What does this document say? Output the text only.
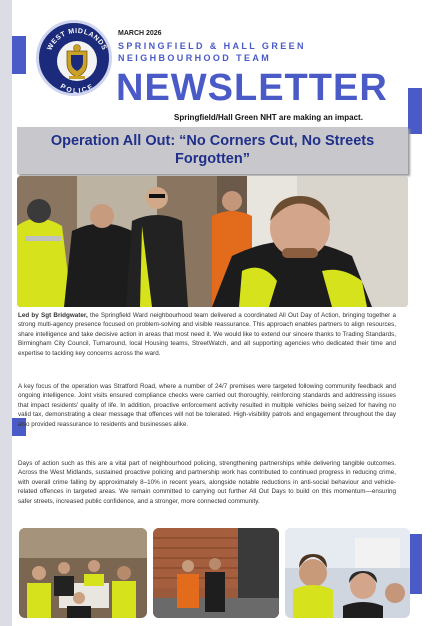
WEST MIDLANDS
POLICE
MARCH 2026
SPRINGFIELD & HALL GREEN
NEIGHBOURHOOD TEAM
NEWSLETTER
Springfield/Hall Green NHT are making an impact.
Operation All Out: “No Corners Cut, No Streets Forgotten”

Led by Sgt Bridgwater, the Springfield Ward neighbourhood team delivered a coordinated All Out Day of Action, bringing together a strong multi-agency presence focused on problem-solving and visible reassurance. This approach enables partners to align resources, share intelligence and take decisive action in areas that most need it. We would like to extend our sincere thanks to Trading Standards, Birmingham City Council, Turnaround, local Housing teams, StreetWatch, and all supporting agencies who dedicated their time and expertise to tackling key concerns across the ward.

A key focus of the operation was Stratford Road, where a number of 24/7 premises were targeted following community feedback and ongoing intelligence. Joint visits ensured compliance checks were carried out thoroughly, reinforcing standards and addressing issues that impact residents’ quality of life. In addition, proactive enforcement activity resulted in multiple vehicles being seized for having no valid tax, demonstrating a clear message that offences will not be tolerated. High-visibility patrols and engagement throughout the day also provided reassurance to residents and businesses alike.

Days of action such as this are a vital part of neighbourhood policing, strengthening partnerships while delivering tangible outcomes. Across the West Midlands, sustained proactive policing and partnership work has contributed to continued progress in reducing crime, with overall crime falling by approximately 8–10% in recent years, alongside notable reductions in anti-social behaviour and vehicle-related offences in targeted areas. We remain committed to carrying out further All Out Days to build on this momentum—ensuring safer streets, increased public confidence, and a stronger, more connected community.
